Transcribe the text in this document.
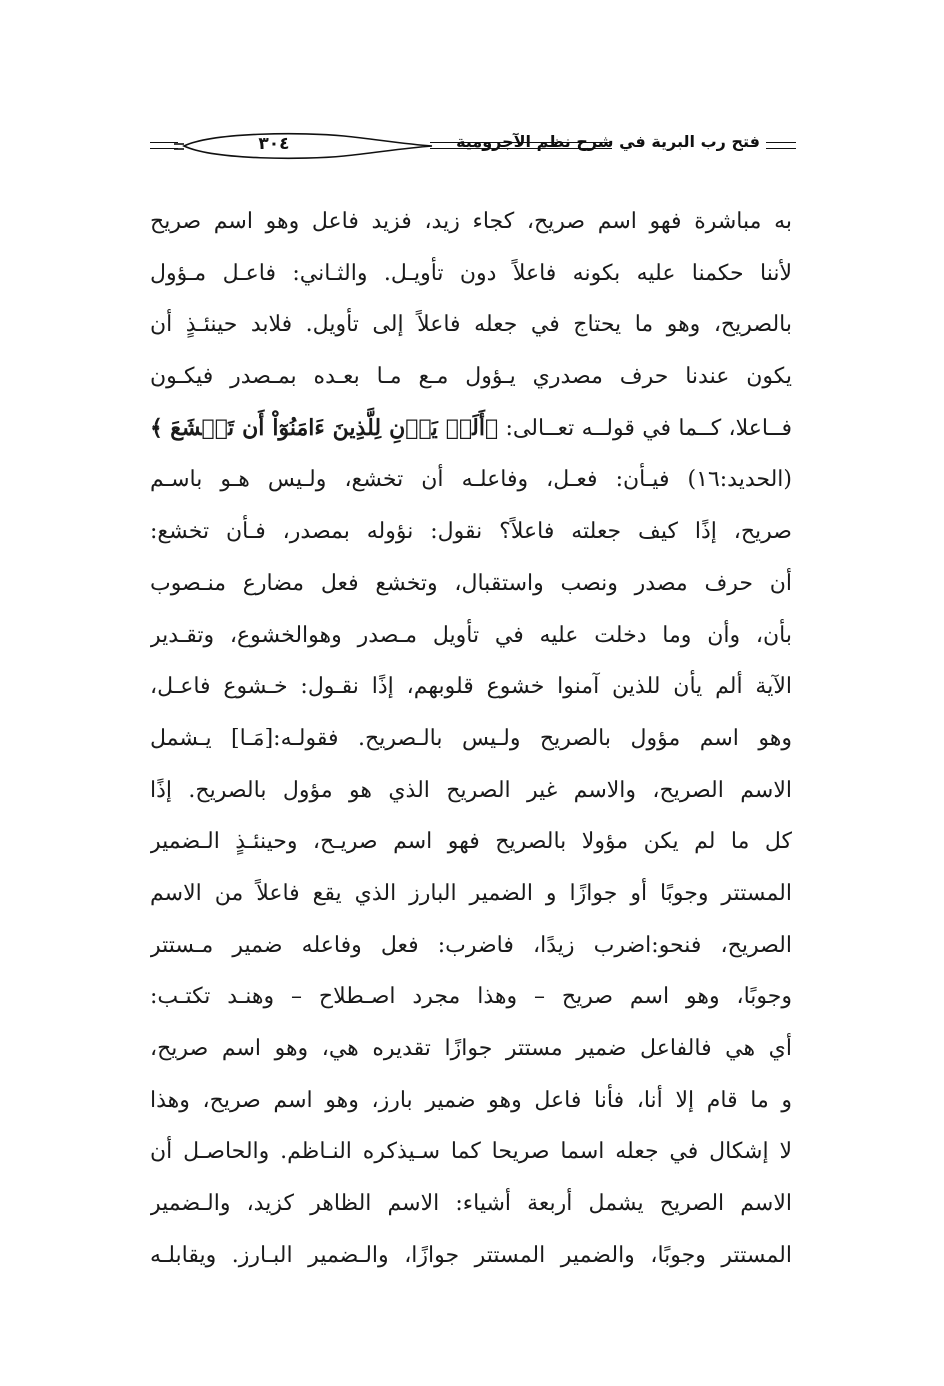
فتح رب البرية في شرح نظم الآجرومية
٣٠٤
به مباشرة فهو اسم صريح، كجاء زيد، فزيد فاعل وهو اسم صريح
لأننا حكمنا عليه بكونه فاعلاً دون تأويـل. والثـاني: فاعـل مـؤول
بالصريح، وهو ما يحتاج في جعله فاعلاً إلى تأويل. فلابد حينئـذٍ أن
يكون عندنا حرف مصدري يـؤول مـع مـا بعـده بمـصدر فيكـون
فــاعلا، كــما في قولــه تعــالى: ﴿أَلَمۡ يَأۡنِ لِلَّذِينَ ءَامَنُوٓاْ أَن تَخۡشَعَ ﴾
(الحديد:١٦) فيـأن: فعـل، وفاعلـه أن تخشع، ولـيس هـو باسـم
صريح، إذًا كيف جعلته فاعلاً؟ نقول: نؤوله بمصدر، فـأن تخشع:
أن حرف مصدر ونصب واستقبال، وتخشع فعل مضارع منـصوب
بأن، وأن وما دخلت عليه في تأويل مـصدر وهوالخشوع، وتقـدير
الآية ألم يأن للذين آمنوا خشوع قلوبهم، إذًا نقـول: خـشوع فاعـل،
وهو اسم مؤول بالصريح ولـيس بالـصريح. فقولـه:[مَـا] يـشمل
الاسم الصريح، والاسم غير الصريح الذي هو مؤول بالصريح. إذًا
كل ما لم يكن مؤولا بالصريح فهو اسم صريـح، وحينئـذٍ الـضمير
المستتر وجوبًا أو جوازًا و الضمير البارز الذي يقع فاعلاً من الاسم
الصريح، فنحو:اضرب زيدًا، فاضرب: فعل وفاعله ضمير مـستتر
وجوبًا، وهو اسم صريح – وهذا مجرد اصـطلاح – وهنـد تكتـب:
أي هي فالفاعل ضمير مستتر جوازًا تقديره هي، وهو اسم صريح،
و ما قام إلا أنا، فأنا فاعل وهو ضمير بارز، وهو اسم صريح، وهذا
لا إشكال في جعله اسما صريحا كما سـيذكره النـاظم. والحاصـل أن
الاسم الصريح يشمل أربعة أشياء: الاسم الظاهر كزيد، والـضمير
المستتر وجوبًا، والضمير المستتر جوازًا، والـضمير البـارز. ويقابلـه
